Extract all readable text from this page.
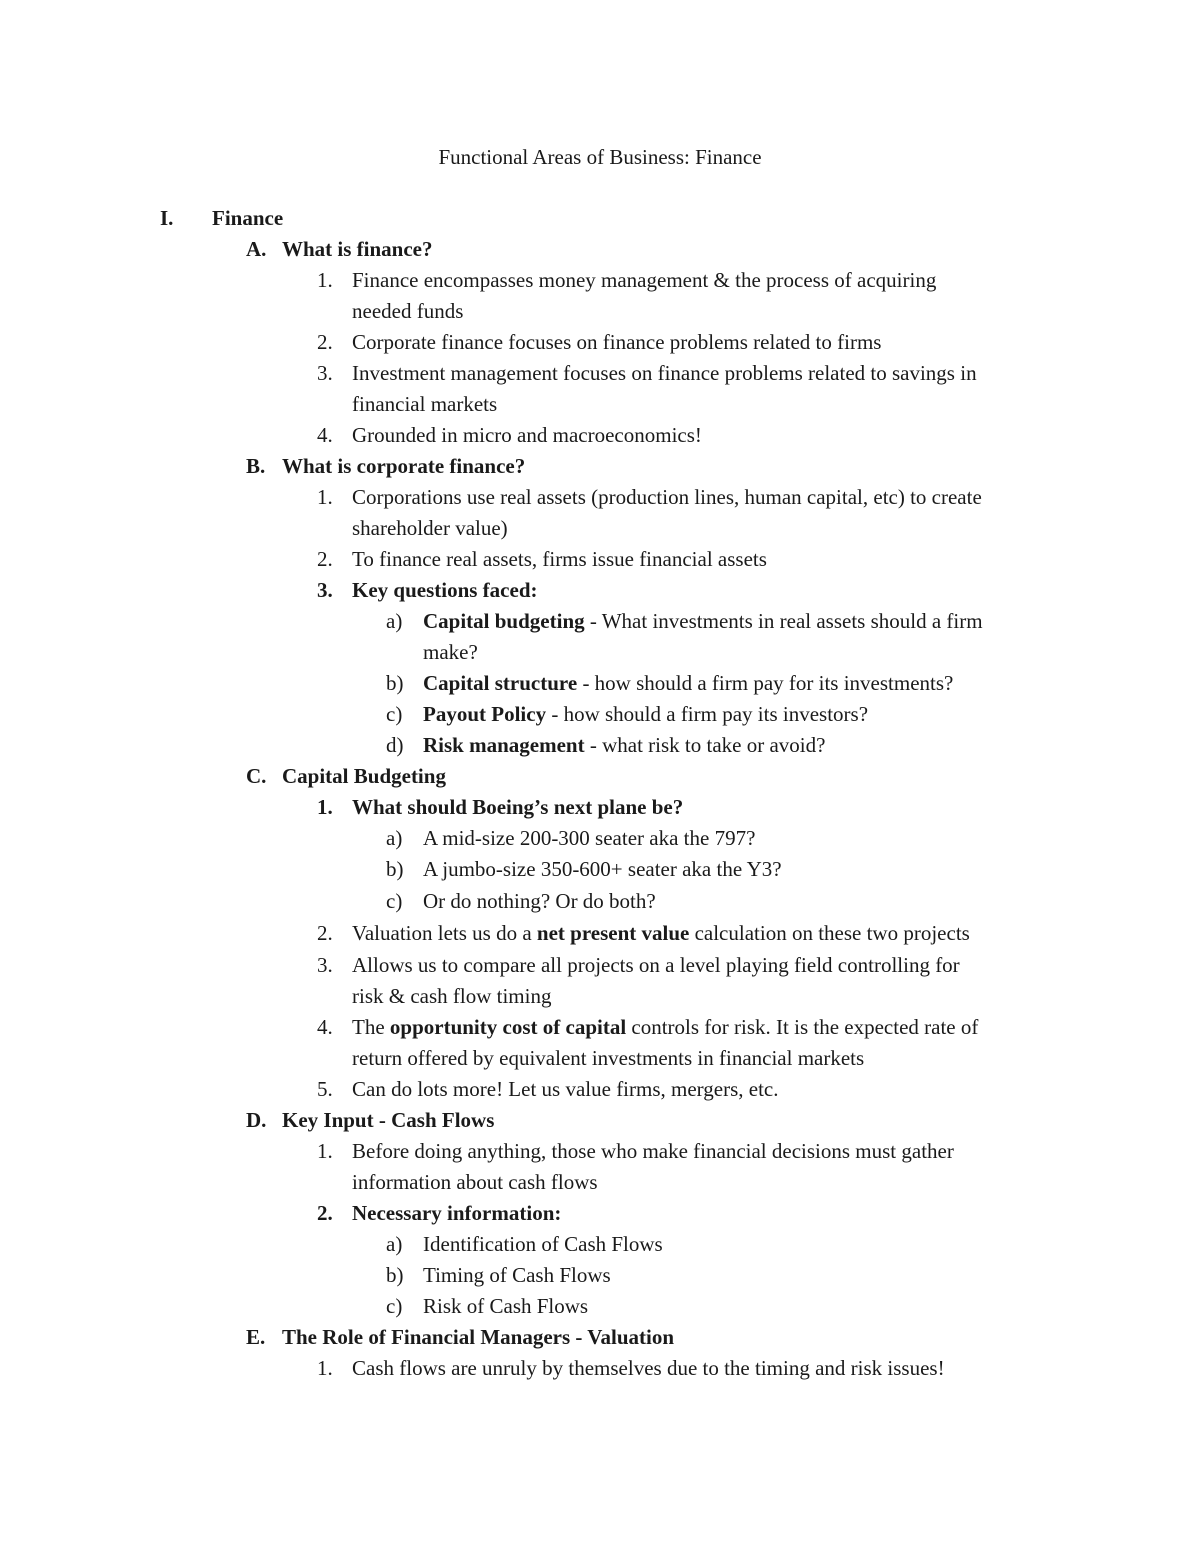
Functional Areas of Business: Finance
I. Finance
A. What is finance?
1. Finance encompasses money management & the process of acquiring
needed funds
2. Corporate finance focuses on finance problems related to firms
3. Investment management focuses on finance problems related to savings in
financial markets
4. Grounded in micro and macroeconomics!
B. What is corporate finance?
1. Corporations use real assets (production lines, human capital, etc) to create
shareholder value)
2. To finance real assets, firms issue financial assets
3. Key questions faced:
a) Capital budgeting - What investments in real assets should a firm
make?
b) Capital structure - how should a firm pay for its investments?
c) Payout Policy - how should a firm pay its investors?
d) Risk management - what risk to take or avoid?
C. Capital Budgeting
1. What should Boeing’s next plane be?
a) A mid-size 200-300 seater aka the 797?
b) A jumbo-size 350-600+ seater aka the Y3?
c) Or do nothing? Or do both?
2. Valuation lets us do a net present value calculation on these two projects
3. Allows us to compare all projects on a level playing field controlling for
risk & cash flow timing
4. The opportunity cost of capital controls for risk. It is the expected rate of
return offered by equivalent investments in financial markets
5. Can do lots more! Let us value firms, mergers, etc.
D. Key Input - Cash Flows
1. Before doing anything, those who make financial decisions must gather
information about cash flows
2. Necessary information:
a) Identification of Cash Flows
b) Timing of Cash Flows
c) Risk of Cash Flows
E. The Role of Financial Managers - Valuation
1. Cash flows are unruly by themselves due to the timing and risk issues!
